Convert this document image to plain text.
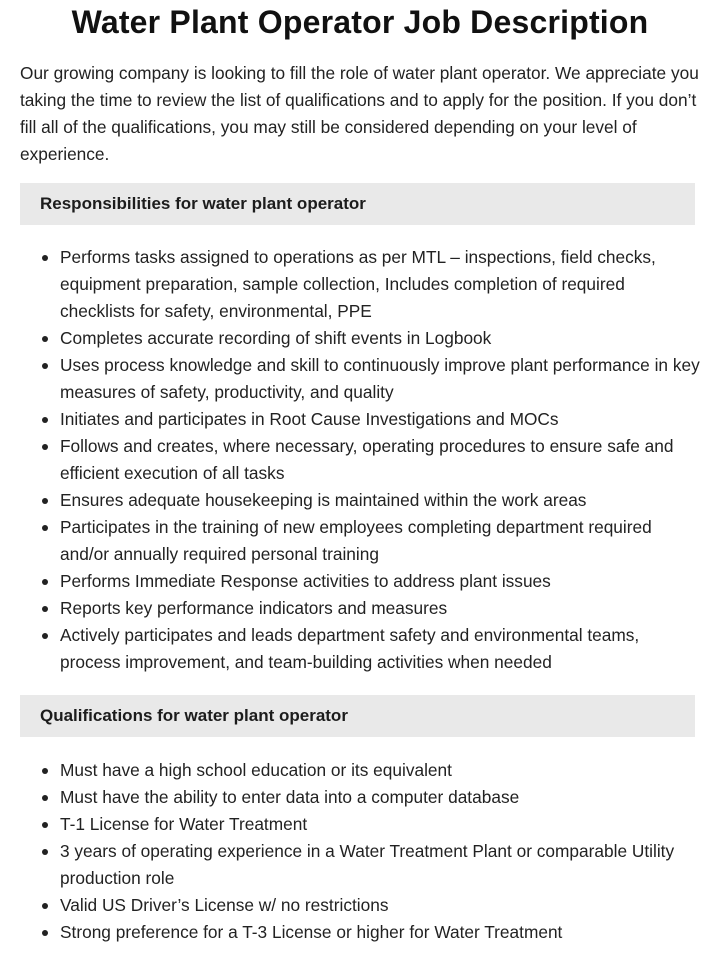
Water Plant Operator Job Description

Our growing company is looking to fill the role of water plant operator. We appreciate you taking the time to review the list of qualifications and to apply for the position. If you don’t fill all of the qualifications, you may still be considered depending on your level of experience.

Responsibilities for water plant operator
Performs tasks assigned to operations as per MTL – inspections, field checks, equipment preparation, sample collection, Includes completion of required checklists for safety, environmental, PPE
Completes accurate recording of shift events in Logbook
Uses process knowledge and skill to continuously improve plant performance in key measures of safety, productivity, and quality
Initiates and participates in Root Cause Investigations and MOCs
Follows and creates, where necessary, operating procedures to ensure safe and efficient execution of all tasks
Ensures adequate housekeeping is maintained within the work areas
Participates in the training of new employees completing department required and/or annually required personal training
Performs Immediate Response activities to address plant issues
Reports key performance indicators and measures
Actively participates and leads department safety and environmental teams, process improvement, and team-building activities when needed
Qualifications for water plant operator
Must have a high school education or its equivalent
Must have the ability to enter data into a computer database
T-1 License for Water Treatment
3 years of operating experience in a Water Treatment Plant or comparable Utility production role
Valid US Driver’s License w/ no restrictions
Strong preference for a T-3 License or higher for Water Treatment
